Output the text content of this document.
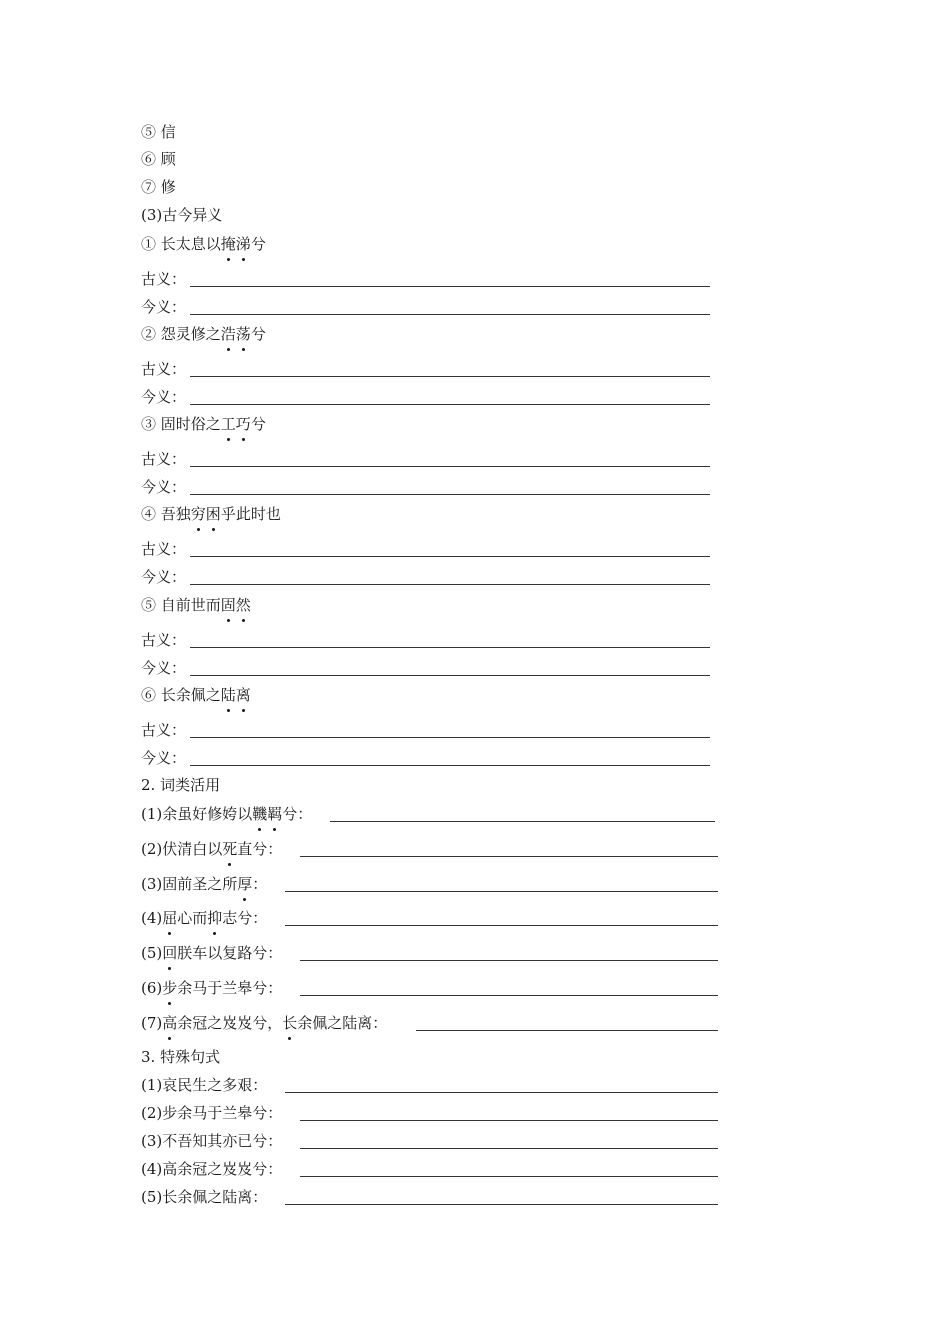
⑤ 信
⑥ 顾
⑦ 修
(3)古今异义
① 长太息以掩涕兮
古义：
今义：
② 怨灵修之浩荡兮
古义：
今义：
③ 固时俗之工巧兮
古义：
今义：
④ 吾独穷困乎此时也
古义：
今义：
⑤ 自前世而固然
古义：
今义：
⑥ 长余佩之陆离
古义：
今义：
2. 词类活用
(1)余虽好修姱以鞿羁兮：
(2)伏清白以死直兮：
(3)固前圣之所厚：
(4)屈心而抑志兮：
(5)回朕车以复路兮：
(6)步余马于兰皋兮：
(7)高余冠之岌岌兮，长余佩之陆离：
3. 特殊句式
(1)哀民生之多艰：
(2)步余马于兰皋兮：
(3)不吾知其亦已兮：
(4)高余冠之岌岌兮：
(5)长余佩之陆离：
